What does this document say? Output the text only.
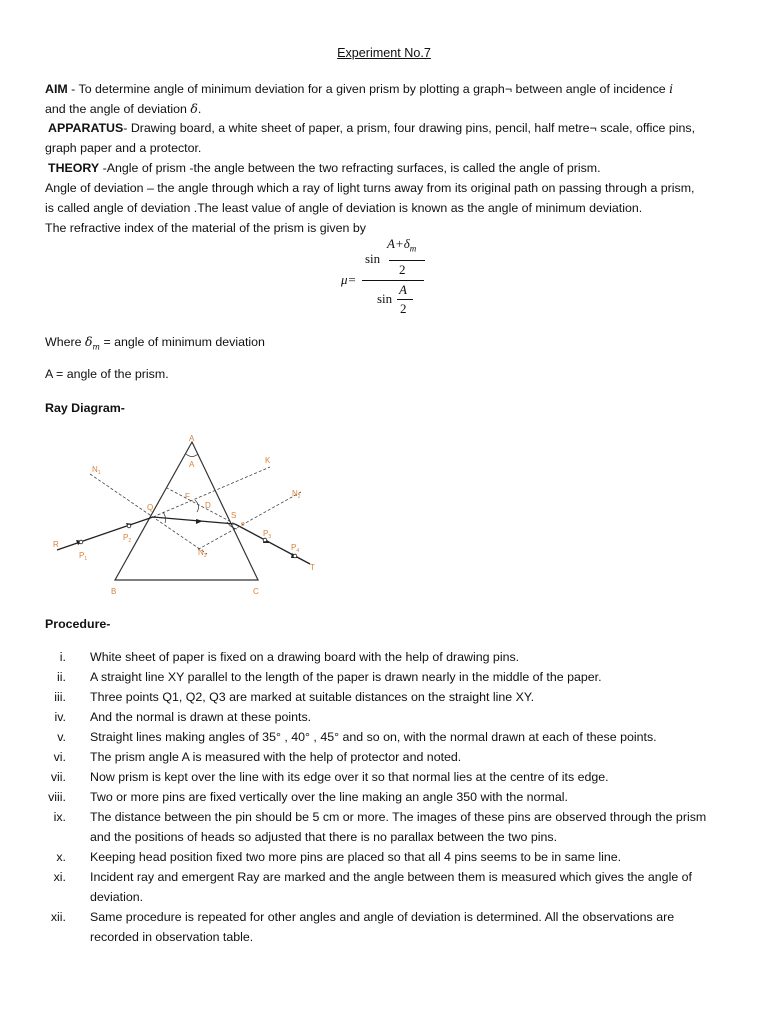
Experiment No.7
AIM - To determine angle of minimum deviation for a given prism by plotting a graph¬ between angle of incidence i
and the angle of deviation δ.
APPARATUS- Drawing board, a white sheet of paper, a prism, four drawing pins, pencil, half metre¬ scale, office pins,
graph paper and a protector.
THEORY -Angle of prism -the angle between the two refracting surfaces, is called the angle of prism.
Angle of deviation – the angle through which a ray of light turns away from its original path on passing through a prism,
is called angle of deviation .The least value of angle of deviation is known as the angle of minimum deviation.
The refractive index of the material of the prism is given by
$A+\delta_m$
sin
2
μ=
A
sin
2
Where $\delta_m$ = angle of minimum deviation
A = angle of the prism.
Ray Diagram-
A
A
B	C
K
$N_1$
$N_2$
$N_3$
Q
R
S
T
D
F
e
$P_1$
$P_2$
$P_3$
$P_4$
Procedure-
i. White sheet of paper is fixed on a drawing board with the help of drawing pins.
ii. A straight line XY parallel to the length of the paper is drawn nearly in the middle of the paper.
iii. Three points Q1, Q2, Q3 are marked at suitable distances on the straight line XY.
iv. And the normal is drawn at these points.
v. Straight lines making angles of 35° , 40° , 45° and so on, with the normal drawn at each of these points.
vi. The prism angle A is measured with the help of protector and noted.
vii. Now prism is kept over the line with its edge over it so that normal lies at the centre of its edge.
viii. Two or more pins are fixed vertically over the line making an angle 350 with the normal.
ix. The distance between the pin should be 5 cm or more. The images of these pins are observed through the prism
and the positions of heads so adjusted that there is no parallax between the two pins.
x. Keeping head position fixed two more pins are placed so that all 4 pins seems to be in same line.
xi. Incident ray and emergent Ray are marked and the angle between them is measured which gives the angle of
deviation.
xii. Same procedure is repeated for other angles and angle of deviation is determined. All the observations are
recorded in observation table.
